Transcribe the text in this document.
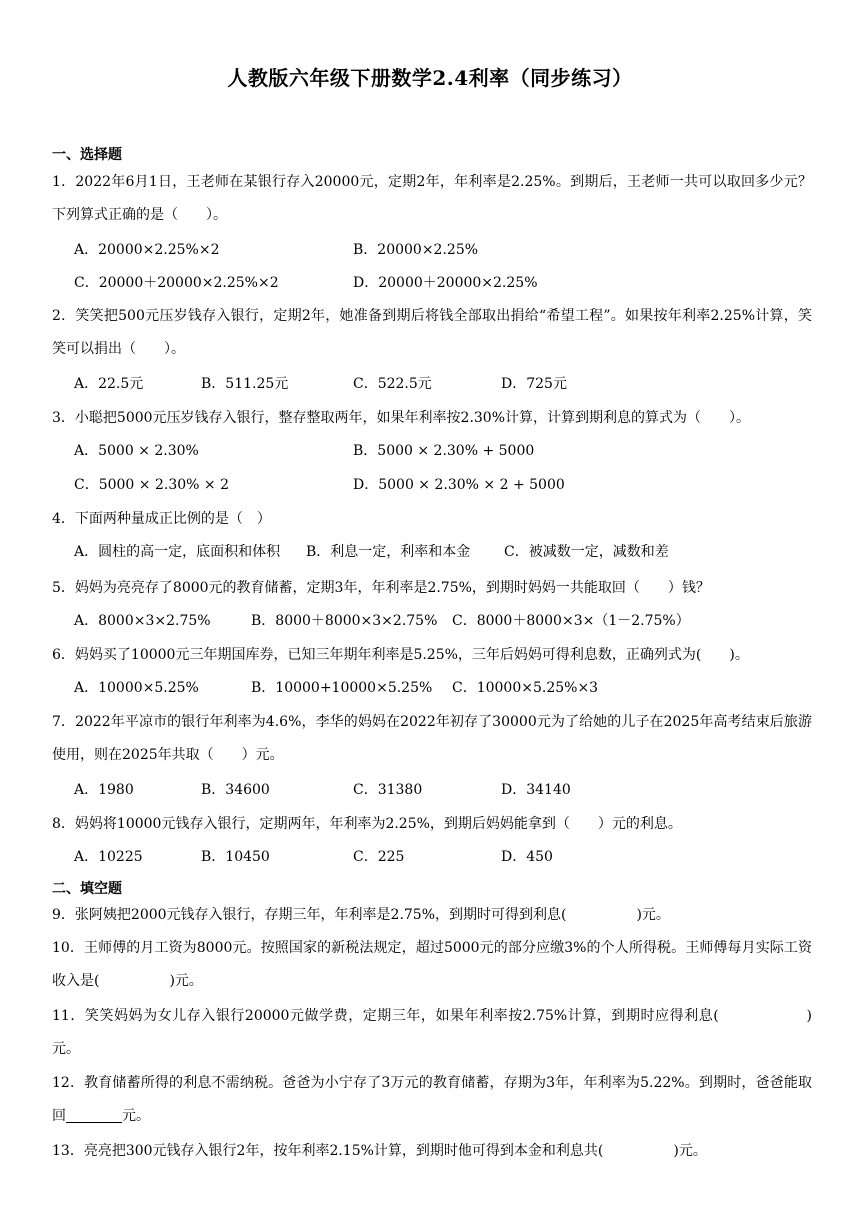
人教版六年级下册数学2.4利率（同步练习）
一、选择题

1．2022年6月1日，王老师在某银行存入20000元，定期2年，年利率是2.25%。到期后，王老师一共可以取回多少元？下列算式正确的是（　　）。

A．20000×2.25%×2	B．20000×2.25%
C．20000＋20000×2.25%×2	D．20000＋20000×2.25%

2．笑笑把500元压岁钱存入银行，定期2年，她准备到期后将钱全部取出捐给“希望工程”。如果按年利率2.25%计算，笑笑可以捐出（　　）。

A．22.5元	B．511.25元	C．522.5元	D．725元

3．小聪把5000元压岁钱存入银行，整存整取两年，如果年利率按2.30%计算，计算到期利息的算式为（　　）。

A．5000 × 2.30%	B．5000 × 2.30% + 5000
C．5000 × 2.30% × 2	D．5000 × 2.30% × 2 + 5000

4．下面两种量成正比例的是（　）

A．圆柱的高一定，底面积和体积 B．利息一定，利率和本金 C．被减数一定，减数和差

5．妈妈为亮亮存了8000元的教育储蓄，定期3年，年利率是2.75%，到期时妈妈一共能取回（　　）钱？

A．8000×3×2.75%	B．8000＋8000×3×2.75% C．8000＋8000×3×（1－2.75%）

6．妈妈买了10000元三年期国库券，已知三年期年利率是5.25%，三年后妈妈可得利息数，正确列式为(　　)。

A．10000×5.25%	B．10000+10000×5.25% C．10000×5.25%×3

7．2022年平凉市的银行年利率为4.6%，李华的妈妈在2022年初存了30000元为了给她的儿子在2025年高考结束后旅游使用，则在2025年共取（　　）元。

A．1980	B．34600	C．31380	D．34140

8．妈妈将10000元钱存入银行，定期两年，年利率为2.25%，到期后妈妈能拿到（　　）元的利息。

A．10225	B．10450	C．225	D．450
二、填空题

9．张阿姨把2000元钱存入银行，存期三年，年利率是2.75%，到期时可得到利息(　　　　　)元。

10．王师傅的月工资为8000元。按照国家的新税法规定，超过5000元的部分应缴3%的个人所得税。王师傅每月实际工资收入是(　　　　　)元。

11．笑笑妈妈为女儿存入银行20000元做学费，定期三年，如果年利率按2.75%计算，到期时应得利息(　　　　　　)元。

12．教育储蓄所得的利息不需纳税。爸爸为小宁存了3万元的教育储蓄，存期为3年，年利率为5.22%。到期时，爸爸能取回	元。

13．亮亮把300元钱存入银行2年，按年利率2.15%计算，到期时他可得到本金和利息共(　　　　　)元。
